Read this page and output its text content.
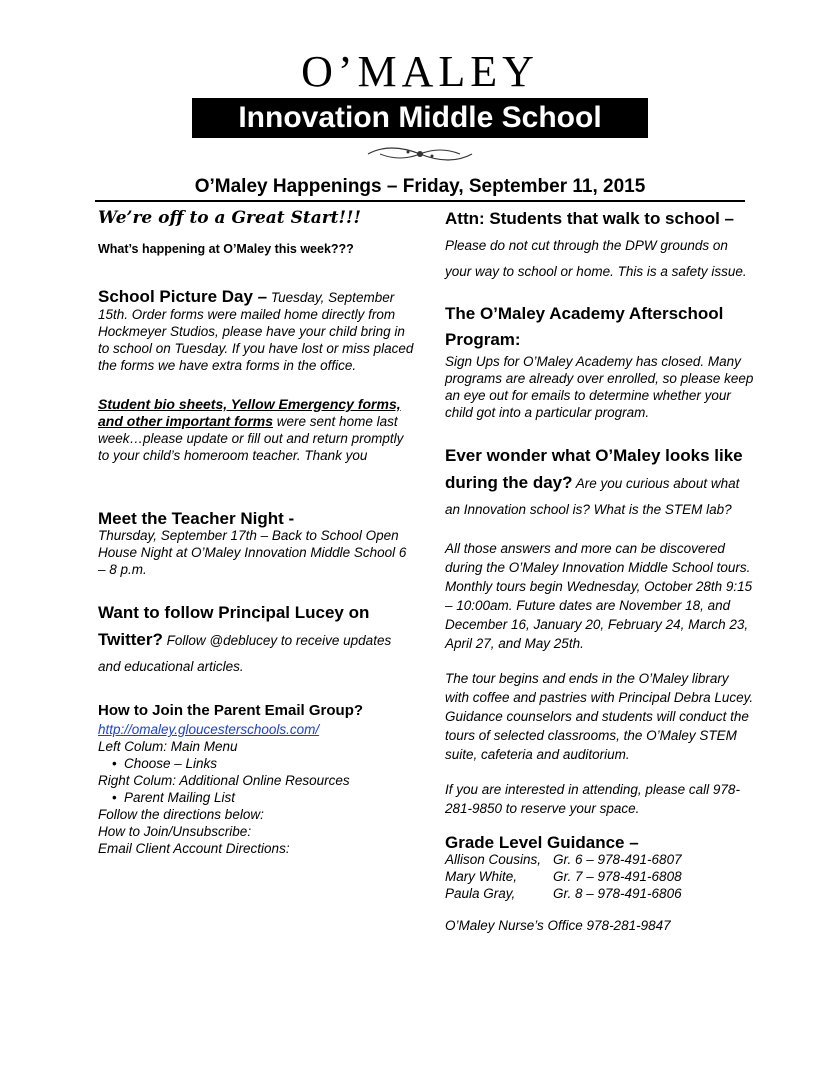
O’MALEY
Innovation Middle School
O’Maley Happenings – Friday, September 11, 2015
We’re off to a Great Start!!!
What’s happening at O’Maley this week???

School Picture Day – Tuesday, September 15th. Order forms were mailed home directly from Hockmeyer Studios, please have your child bring in to school on Tuesday. If you have lost or miss placed the forms we have extra forms in the office.

Student bio sheets, Yellow Emergency forms, and other important forms were sent home last week…please update or fill out and return promptly to your child’s homeroom teacher. Thank you

Meet the Teacher Night -

Thursday, September 17th – Back to School Open House Night at O’Maley Innovation Middle School 6 – 8 p.m.

Want to follow Principal Lucey on Twitter? Follow @deblucey to receive updates and educational articles.

How to Join the Parent Email Group?
http://omaley.gloucesterschools.com/
Left Colum: Main Menu
• Choose – Links
Right Colum: Additional Online Resources
• Parent Mailing List
Follow the directions below:
How to Join/Unsubscribe:
Email Client Account Directions:

Attn: Students that walk to school – Please do not cut through the DPW grounds on your way to school or home. This is a safety issue.

The O’Maley Academy Afterschool Program:

Sign Ups for O’Maley Academy has closed. Many programs are already over enrolled, so please keep an eye out for emails to determine whether your child got into a particular program.

Ever wonder what O’Maley looks like during the day? Are you curious about what an Innovation school is? What is the STEM lab?

All those answers and more can be discovered during the O’Maley Innovation Middle School tours. Monthly tours begin Wednesday, October 28th 9:15 – 10:00am. Future dates are November 18, and December 16, January 20, February 24, March 23, April 27, and May 25th.

The tour begins and ends in the O’Maley library with coffee and pastries with Principal Debra Lucey. Guidance counselors and students will conduct the tours of selected classrooms, the O’Maley STEM suite, cafeteria and auditorium.

If you are interested in attending, please call 978-281-9850 to reserve your space.

Grade Level Guidance –
Allison Cousins, Gr. 6 – 978-491-6807
Mary White,	Gr. 7 – 978-491-6808
Paula Gray,	Gr. 8 – 978-491-6806

O’Maley Nurse’s Office 978-281-9847
